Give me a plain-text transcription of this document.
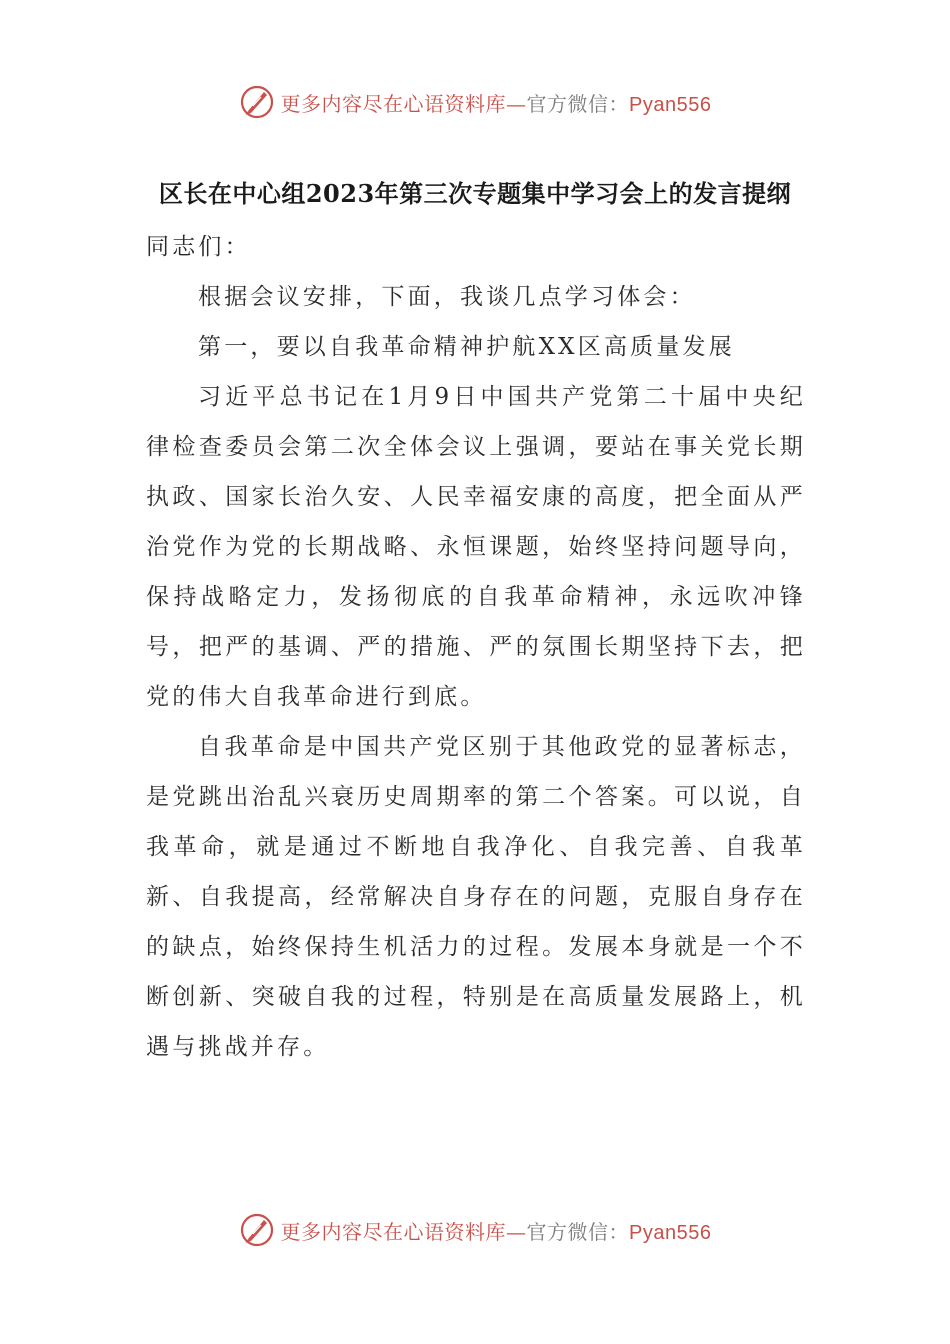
更多内容尽在心语资料库—官方微信：Pyan556
区长在中心组2023年第三次专题集中学习会上的发言提纲

同志们：

根据会议安排，下面，我谈几点学习体会：

第一，要以自我革命精神护航XX区高质量发展

习近平总书记在1月9日中国共产党第二十届中央纪律检查委员会第二次全体会议上强调，要站在事关党长期执政、国家长治久安、人民幸福安康的高度，把全面从严治党作为党的长期战略、永恒课题，始终坚持问题导向，保持战略定力，发扬彻底的自我革命精神，永远吹冲锋号，把严的基调、严的措施、严的氛围长期坚持下去，把党的伟大自我革命进行到底。

自我革命是中国共产党区别于其他政党的显著标志，是党跳出治乱兴衰历史周期率的第二个答案。可以说，自我革命，就是通过不断地自我净化、自我完善、自我革新、自我提高，经常解决自身存在的问题，克服自身存在的缺点，始终保持生机活力的过程。发展本身就是一个不断创新、突破自我的过程，特别是在高质量发展路上，机遇与挑战并存。

更多内容尽在心语资料库—官方微信：Pyan556
